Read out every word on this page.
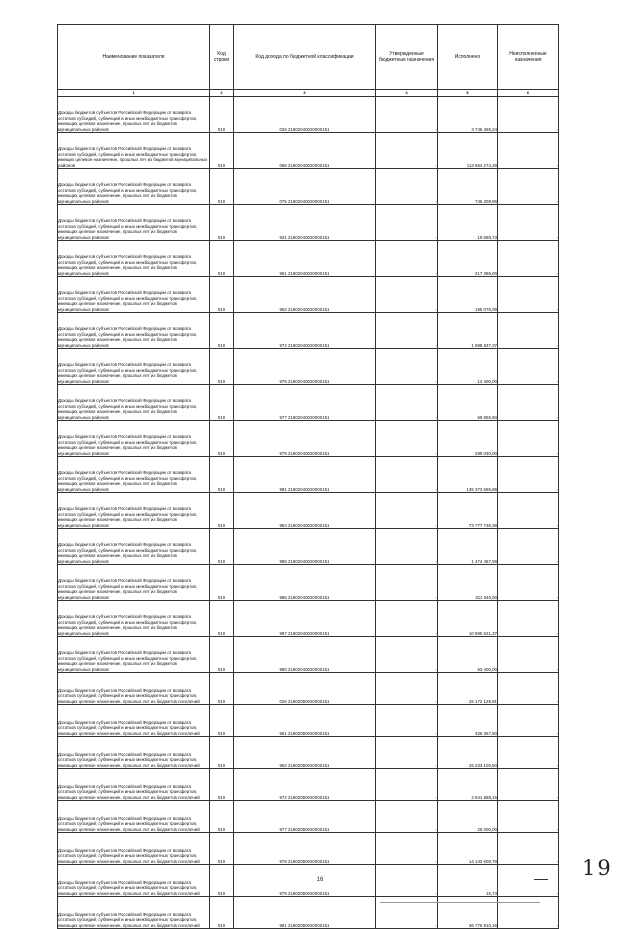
Наименование показателя	Код строки	Код дохода по бюджетной классификации	Утвержденные бюджетные назначения	Исполнено	Неисполненные назначения
1	2	3	4	5	6
Доходы бюджетов субъектов Российской Федерации от возврата остатков субсидий, субвенций и иных межбюджетных трансфертов, имеющих целевое назначение, прошлых лет из бюджетов муниципальных районов	010	026 21802040020000151	-	3 746 466,24	-
Доходы бюджетов субъектов Российской Федерации от возврата остатков субсидий, субвенций и иных межбюджетных трансфертов, имещих целевое назначение, прошлых лет из бюджетов муниципальных районов	010	066 21802040020000151	-	113 564 274,28	-
Доходы бюджетов субъектов Российской Федерации от возврата остатков субсидий, субвенций и иных межбюджетных трансфертов, имеющих целевое назначение, прошлых лет из бюджетов муниципальных районов	010	075 21802040020000151	-	746 308,96	-
Доходы бюджетов субъектов Российской Федерации от возврата остатков субсидий, субвенций и иных межбюджетных трансфертов, имеющих целевое назначение, прошлых лет из бюджетов муниципальных районов	010	931 21802040020000151	-	19 688,73	-
Доходы бюджетов субъектов Российской Федерации от возврата остатков субсидий, субвенций и иных межбюджетных трансфертов, имеющих целевое назначение, прошлых лет из бюджетов муниципальных районов	010	961 21802040020000151	-	217 386,00	-
Доходы бюджетов субъектов Российской Федерации от возврата остатков субсидий, субвенций и иных межбюджетных трансфертов, имеющих целевое назначение, прошлых лет из бюджетов муниципальных районов	010	962 21802040020000151	-	195 076,09	-
Доходы бюджетов субъектов Российской Федерации от возврата остатков субсидий, субвенций и иных межбюджетных трансфертов, имеющих целевое назначение, прошлых лет из бюджетов муниципальных районов	010	972 21802040020000151	-	1 698 537,37	-
Доходы бюджетов субъектов Российской Федерации от возврата остатков субсидий, субвенций и иных межбюджетных трансфертов, имеющих целевое назначение, прошлых лет из бюджетов муниципальных районов	010	976 21802040020000151	-	14 400,00	-
Доходы бюджетов субъектов Российской Федерации от возврата остатков субсидий, субвенций и иных межбюджетных трансфертов, имеющих целевое назначение, прошлых лет из бюджетов муниципальных районов	010	977 21802040020000151	-	69 856,60	-
Доходы бюджетов субъектов Российской Федерации от возврата остатков субсидий, субвенций и иных межбюджетных трансфертов, имеющих целевое назначение, прошлых лет из бюджетов муниципальных районов	010	979 21802040020000151	-	299 030,00	-
Доходы бюджетов субъектов Российской Федерации от возврата остатков субсидий, субвенций и иных межбюджетных трансфертов, имеющих целевое назначение, прошлых лет из бюджетов муниципальных районов	010	981 21802040020000151	-	135 373 696,89	-
Доходы бюджетов субъектов Российской Федерации от возврата остатков субсидий, субвенций и иных межбюджетных трансфертов, имеющих целевое назначение, прошлых лет из бюджетов муниципальных районов	010	984 21802040020000151	-	73 777 736,38	-
Доходы бюджетов субъектов Российской Федерации от возврата остатков субсидий, субвенций и иных межбюджетных трансфертов, имеющих целевое назначение, прошлых лет из бюджетов муниципальных районов	010	985 21802040020000151	-	1 474 467,59	-
Доходы бюджетов субъектов Российской Федерации от возврата остатков субсидий, субвенций и иных межбюджетных трансфертов, имеющих целевое назначение, прошлых лет из бюджетов муниципальных районов	010	986 21802040020000151	-	311 046,00	-
Доходы бюджетов субъектов Российской Федерации от возврата остатков субсидий, субвенций и иных межбюджетных трансфертов, имеющих целевое назначение, прошлых лет из бюджетов муниципальных районов	010	987 21802040020000151	-	10 995 521,37	-
Доходы бюджетов субъектов Российской Федерации от возврата остатков субсидий, субвенций и иных межбюджетных трансфертов, имеющих целевое назначение, прошлых лет из бюджетов муниципальных районов	010	990 21802040020000151	-	63 400,00	-
Доходы бюджетов субъектов Российской Федерации от возврата остатков субсидий, субвенций и иных межбюджетных трансфертов, имеющих целевое назначение, прошлых лет из бюджетов поселений	010	026 21802050020000151	-	26 172 129,91	-
Доходы бюджетов субъектов Российской Федерации от возврата остатков субсидий, субвенций и иных межбюджетных трансфертов, имеющих целевое назначение, прошлых лет из бюджетов поселений	010	961 21802050020000151	-	325 367,50	-
Доходы бюджетов субъектов Российской Федерации от возврата остатков субсидий, субвенций и иных межбюджетных трансфертов, имеющих целевое назначение, прошлых лет из бюджетов поселений	010	962 21802050020000151	-	26 233 100,50	-
Доходы бюджетов субъектов Российской Федерации от возврата остатков субсидий, субвенций и иных межбюджетных трансфертов, имеющих целевое назначение, прошлых лет из бюджетов поселений	010	972 21802050020000151	-	2 841 688,15	-
Доходы бюджетов субъектов Российской Федерации от возврата остатков субсидий, субвенций и иных межбюджетных трансфертов, имеющих целевое назначение, прошлых лет из бюджетов поселений	010	977 21802050020000151	-	25 000,00	-
Доходы бюджетов субъектов Российской Федерации от возврата остатков субсидий, субвенций и иных межбюджетных трансфертов, имеющих целевое назначение, прошлых лет из бюджетов поселений	010	978 21802050020000151	-	14 143 609,78	-
Доходы бюджетов субъектов Российской Федерации от возврата остатков субсидий, субвенций и иных межбюджетных трансфертов, имеющих целевое назначение, прошлых лет из бюджетов поселений	010	979 21802050020000151	-	16,73	-
Доходы бюджетов субъектов Российской Федерации от возврата остатков субсидий, субвенций и иных межбюджетных трансфертов, имеющих целевое назначение, прошлых лет из бюджетов поселений	010	981 21802050020000151	-	36 776 910,16	-
16	19
